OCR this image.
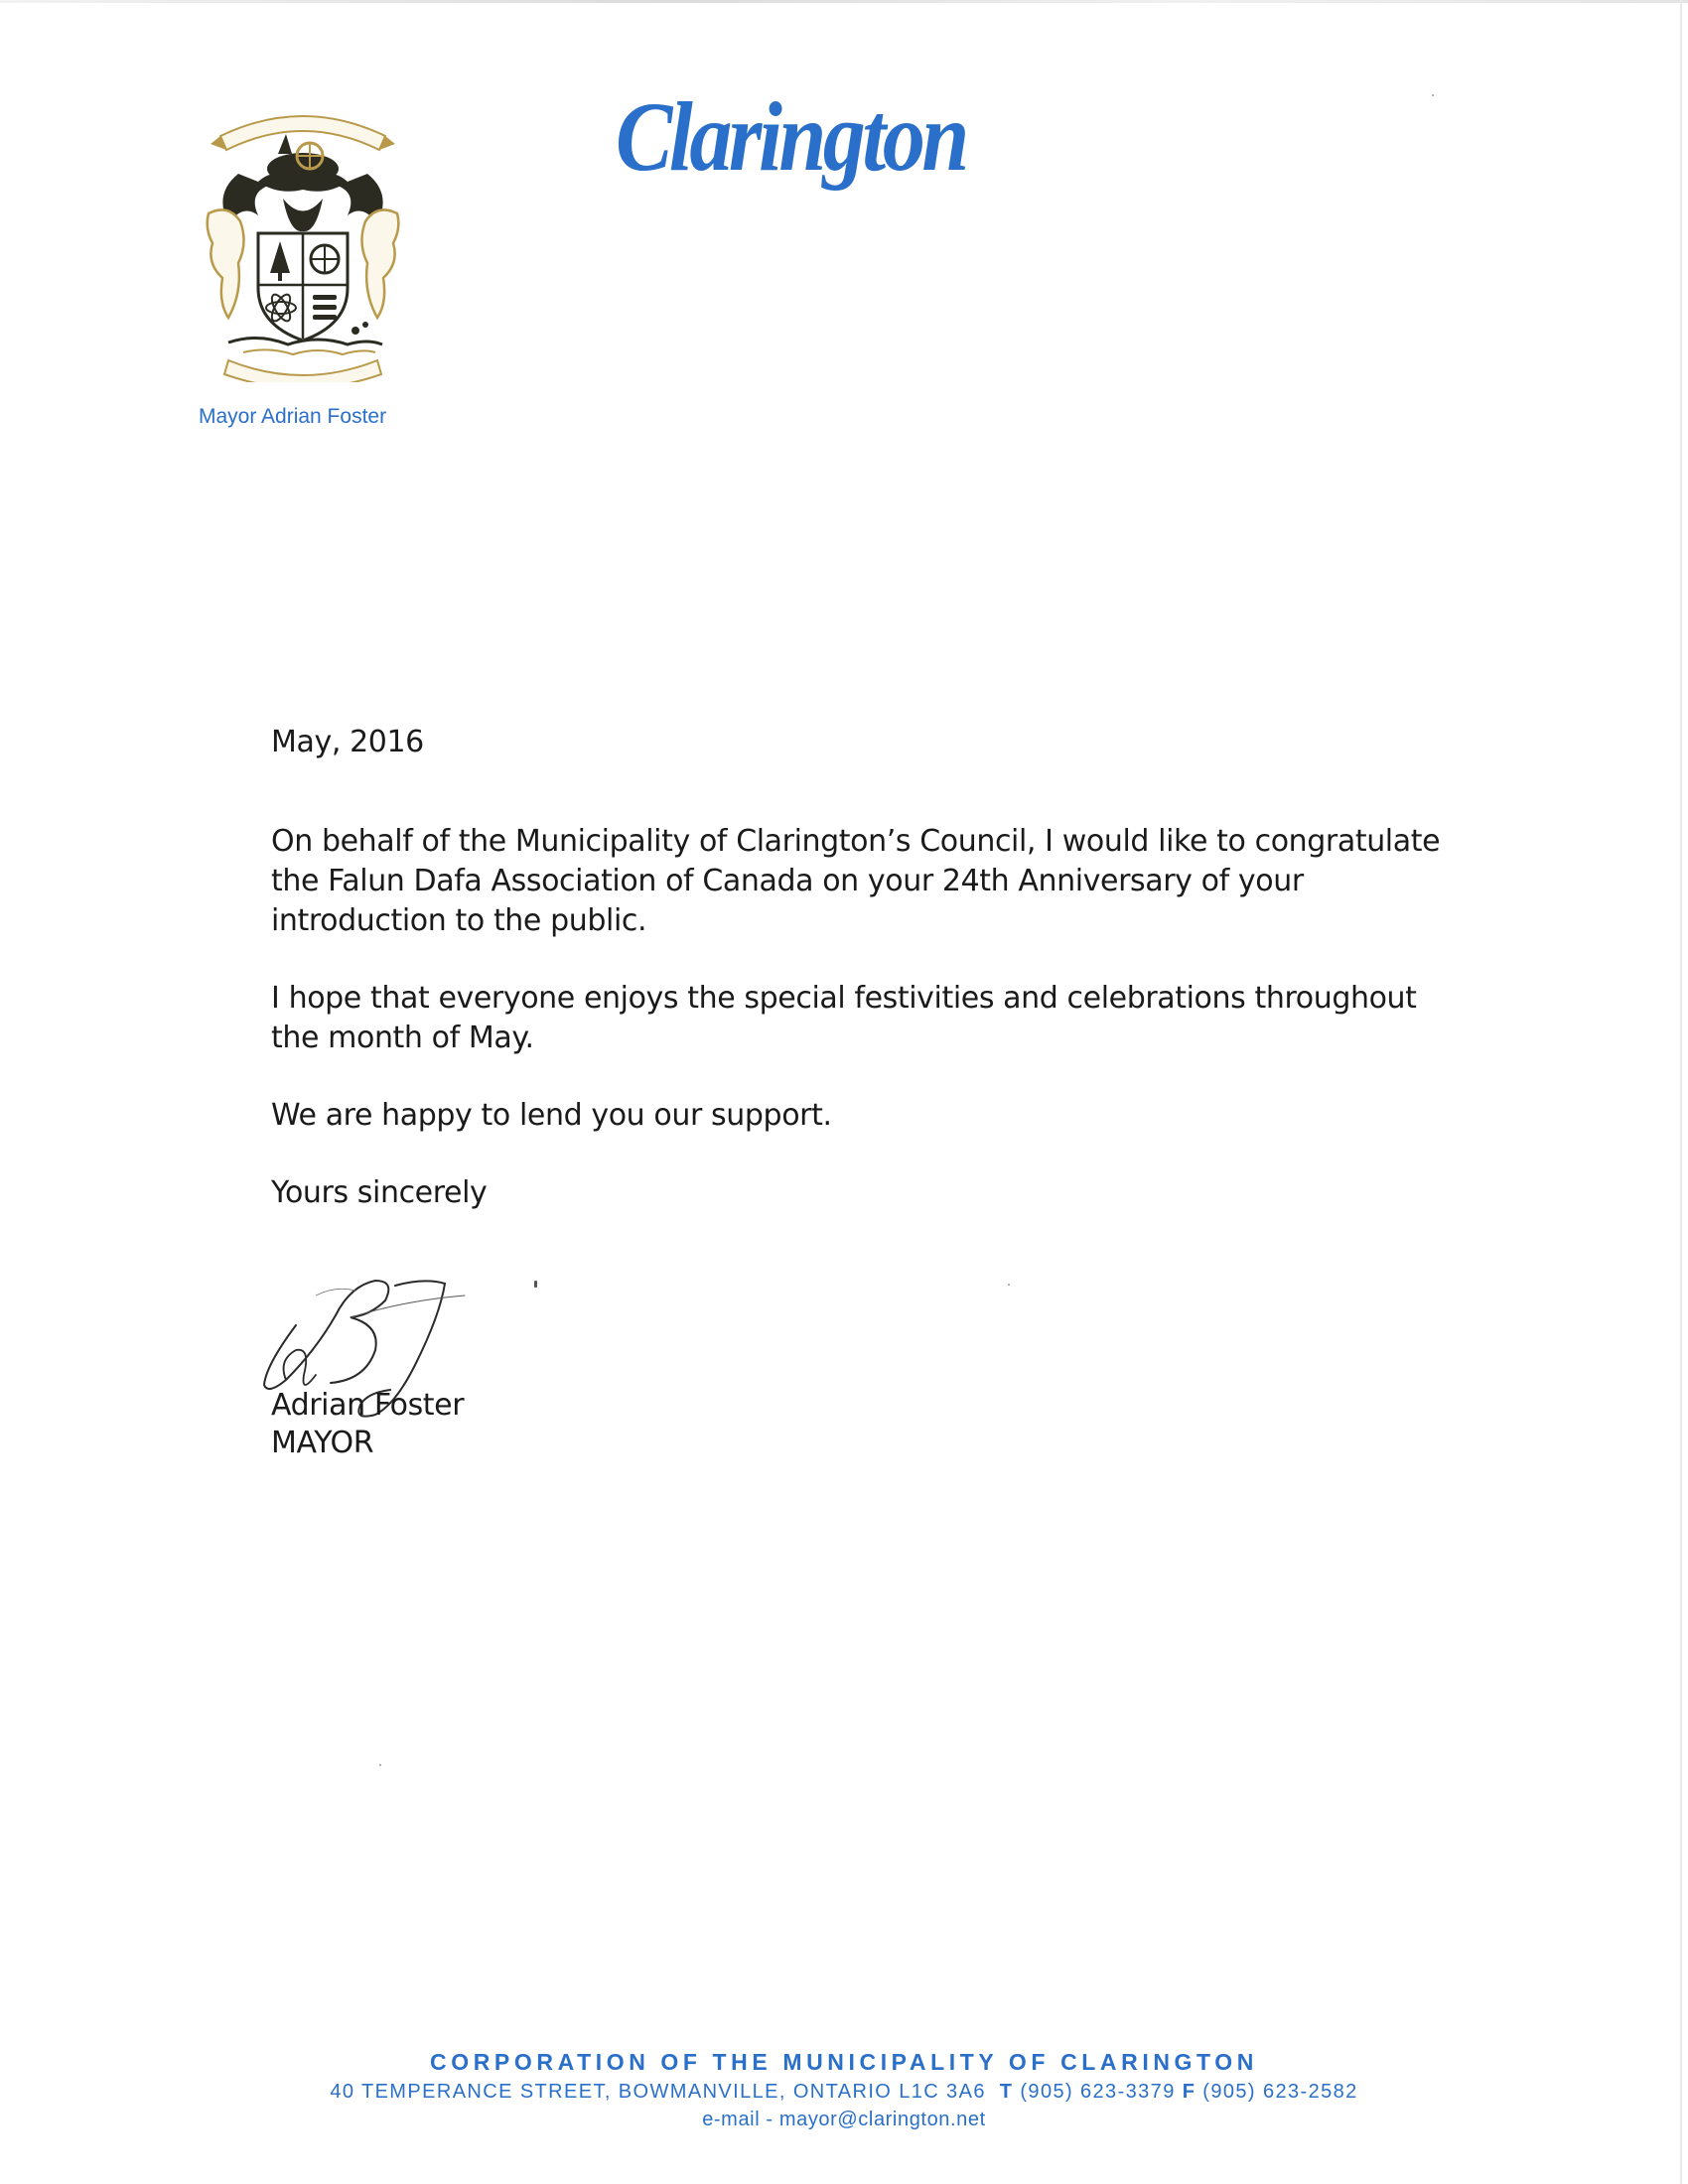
Clarington
Mayor Adrian Foster

May, 2016

On behalf of the Municipality of Clarington’s Council, I would like to congratulate the Falun Dafa Association of Canada on your 24th Anniversary of your introduction to the public.

I hope that everyone enjoys the special festivities and celebrations throughout the month of May.

We are happy to lend you our support.

Yours sincerely

Adrian Foster
MAYOR
CORPORATION OF THE MUNICIPALITY OF CLARINGTON
40 TEMPERANCE STREET, BOWMANVILLE, ONTARIO L1C 3A6 T (905) 623-3379 F (905) 623-2582
e-mail - mayor@clarington.net
